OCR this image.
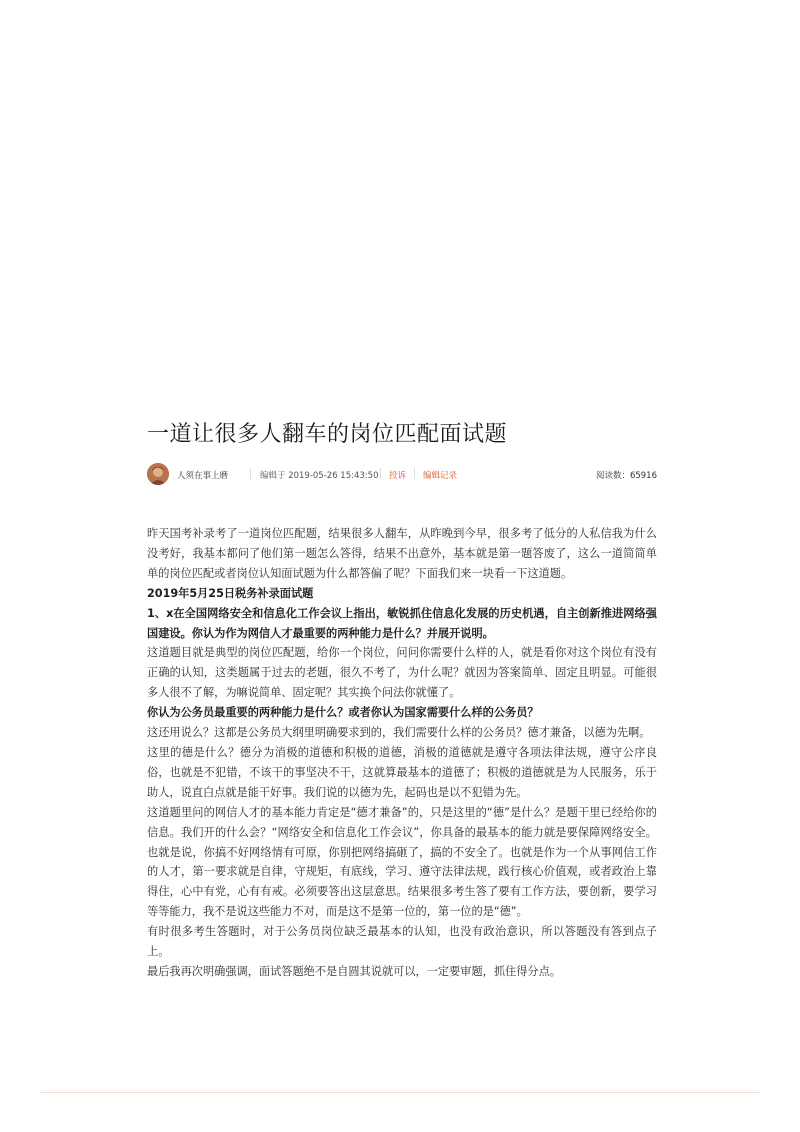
一道让很多人翻车的岗位匹配面试题
人须在事上磨	编辑于 2019-05-26 15:43:50 投诉 编辑记录	阅读数：65916

昨天国考补录考了一道岗位匹配题，结果很多人翻车，从昨晚到今早，很多考了低分的人私信我为什么没考好，我基本都问了他们第一题怎么答得，结果不出意外，基本就是第一题答废了，这么一道简简单单的岗位匹配或者岗位认知面试题为什么都答偏了呢？下面我们来一块看一下这道题。

2019年5月25日税务补录面试题

1、x在全国网络安全和信息化工作会议上指出，敏锐抓住信息化发展的历史机遇，自主创新推进网络强国建设。你认为作为网信人才最重要的两种能力是什么？并展开说明。

这道题目就是典型的岗位匹配题，给你一个岗位，问问你需要什么样的人，就是看你对这个岗位有没有正确的认知，这类题属于过去的老题，很久不考了，为什么呢？就因为答案简单、固定且明显。可能很多人很不了解，为嘛说简单、固定呢？其实换个问法你就懂了。

你认为公务员最重要的两种能力是什么？或者你认为国家需要什么样的公务员？

这还用说么？这都是公务员大纲里明确要求到的，我们需要什么样的公务员？德才兼备，以德为先啊。

这里的德是什么？德分为消极的道德和积极的道德，消极的道德就是遵守各项法律法规，遵守公序良俗，也就是不犯错，不该干的事坚决不干，这就算最基本的道德了；积极的道德就是为人民服务，乐于助人，说直白点就是能干好事。我们说的以德为先，起码也是以不犯错为先。

这道题里问的网信人才的基本能力肯定是“德才兼备”的，只是这里的“德”是什么？是题干里已经给你的信息。我们开的什么会？“网络安全和信息化工作会议”，你具备的最基本的能力就是要保障网络安全。也就是说，你搞不好网络情有可原，你别把网络搞砸了，搞的不安全了。也就是作为一个从事网信工作的人才，第一要求就是自律，守规矩，有底线，学习、遵守法律法规，践行核心价值观，或者政治上靠得住，心中有党，心有有戒。必须要答出这层意思。结果很多考生答了要有工作方法，要创新，要学习等等能力，我不是说这些能力不对，而是这不是第一位的，第一位的是“德”。

有时很多考生答题时，对于公务员岗位缺乏最基本的认知，也没有政治意识，所以答题没有答到点子上。

最后我再次明确强调，面试答题绝不是自圆其说就可以，一定要审题，抓住得分点。
